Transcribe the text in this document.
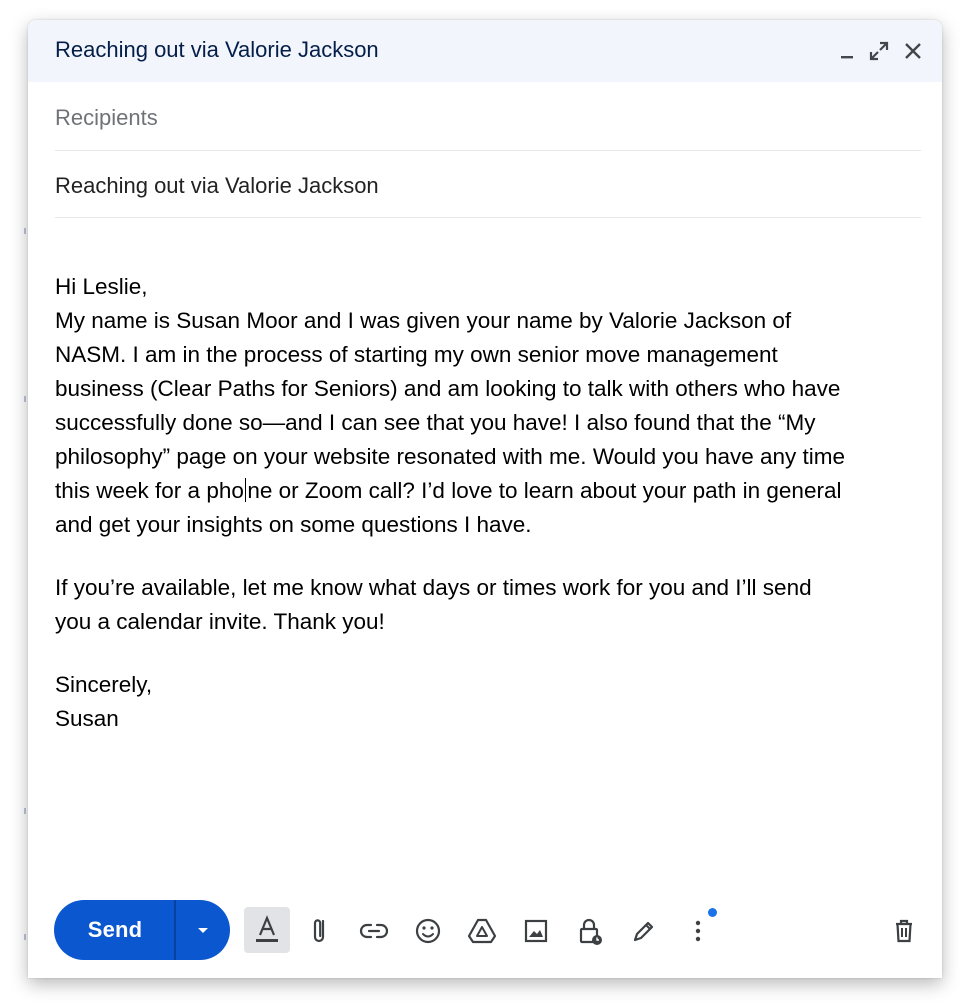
Reaching out via Valorie Jackson
Recipients
Reaching out via Valorie Jackson

Hi Leslie,

My name is Susan Moor and I was given your name by Valorie Jackson of
NASM. I am in the process of starting my own senior move management
business (Clear Paths for Seniors) and am looking to talk with others who have
successfully done so—and I can see that you have! I also found that the “My
philosophy” page on your website resonated with me. Would you have any time
this week for a pho ne or Zoom call? I’d love to learn about your path in general
and get your insights on some questions I have.

If you’re available, let me know what days or times work for you and I’ll send
you a calendar invite. Thank you!

Sincerely,
Susan

Send
